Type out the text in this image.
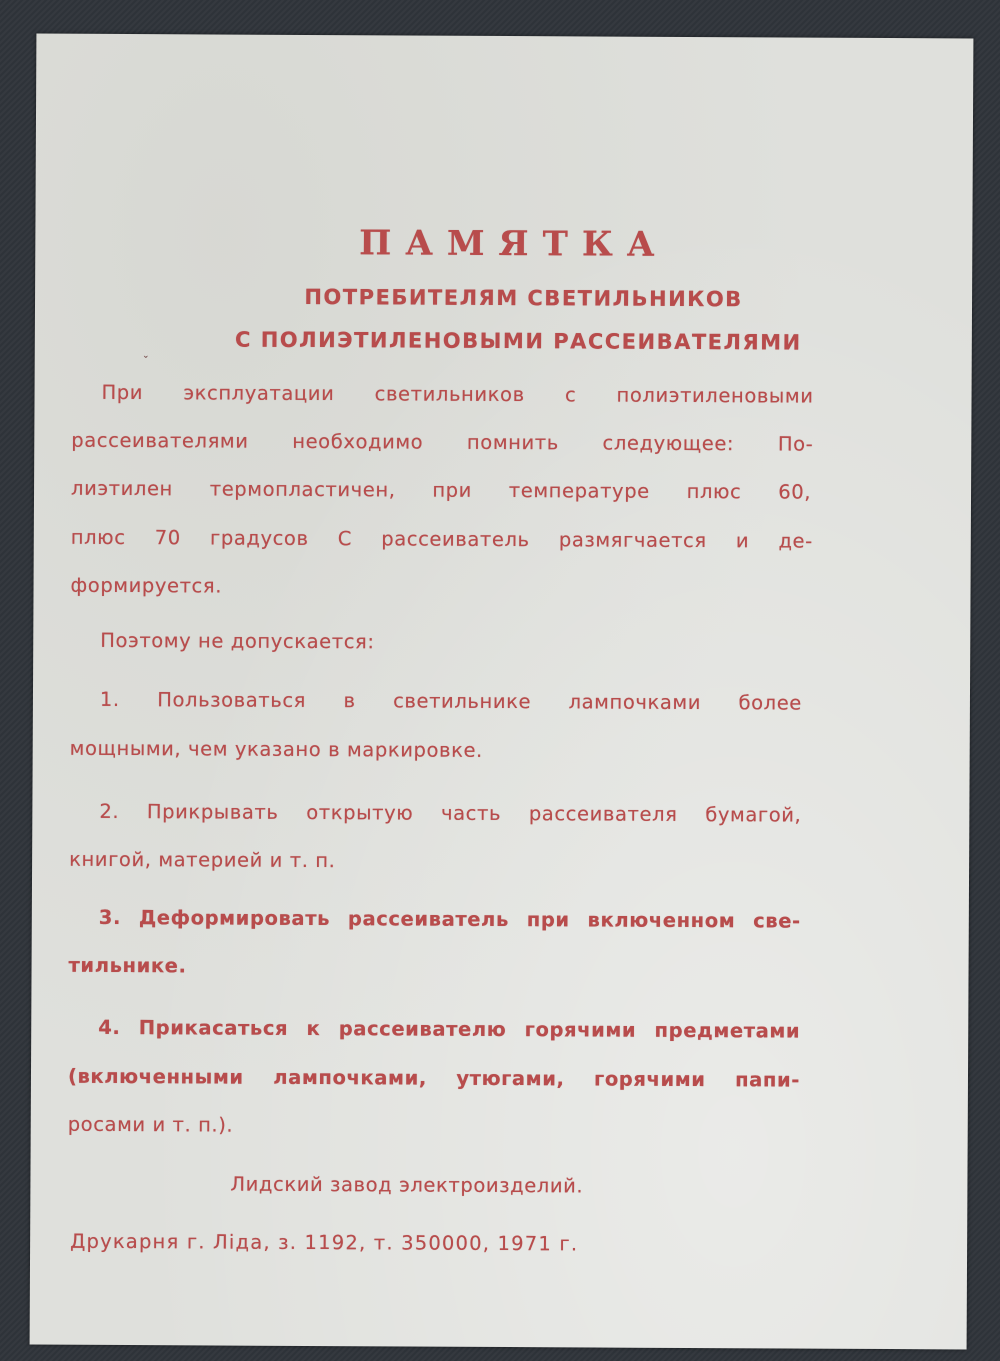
ПАМЯТКА
ПОТРЕБИТЕЛЯМ СВЕТИЛЬНИКОВ
С ПОЛИЭТИЛЕНОВЫМИ РАССЕИВАТЕЛЯМИ
ˇ
При эксплуатации светильников с полиэтиленовыми
рассеивателями необходимо помнить следующее: По-
лиэтилен термопластичен, при температуре плюс 60,
плюс 70 градусов С рассеиватель размягчается и де-
формируется.
Поэтому не допускается:
1. Пользоваться в светильнике лампочками более
мощными, чем указано в маркировке.
2. Прикрывать открытую часть рассеивателя бумагой,
книгой, материей и т. п.
3. Деформировать рассеиватель при включенном све-
тильнике.
4. Прикасаться к рассеивателю горячими предметами
(включенными лампочками, утюгами, горячими папи-
росами и т. п.).
Лидский завод электроизделий.
Друкарня г. Ліда, з. 1192, т. 350000, 1971 г.
